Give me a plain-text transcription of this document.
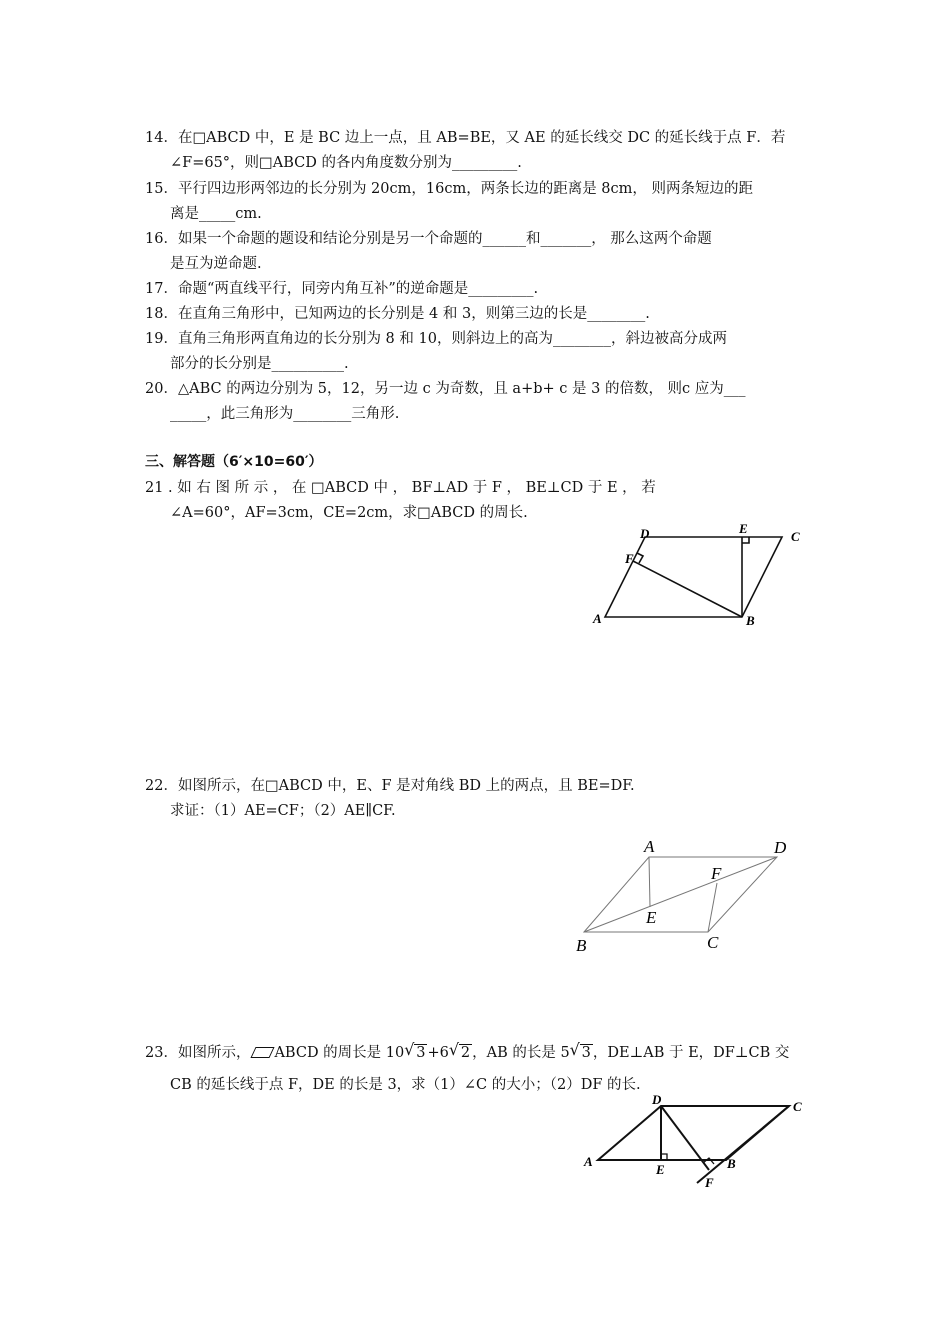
14．在□ABCD 中，E 是 BC 边上一点，且 AB=BE，又 AE 的延长线交 DC 的延长线于点 F．若
∠F=65°，则□ABCD 的各内角度数分别为_________.
15．平行四边形两邻边的长分别为 20cm，16cm，两条长边的距离是 8cm， 则两条短边的距
离是_____cm.
16．如果一个命题的题设和结论分别是另一个命题的______和_______， 那么这两个命题
是互为逆命题.
17．命题“两直线平行，同旁内角互补”的逆命题是_________.
18．在直角三角形中，已知两边的长分别是 4 和 3，则第三边的长是________.
19．直角三角形两直角边的长分别为 8 和 10，则斜边上的高为________，斜边被高分成两
部分的长分别是__________.
20．△ABC 的两边分别为 5，12，另一边 c 为奇数，且 a+b+ c 是 3 的倍数， 则c 应为___
_____，此三角形为________三角形.
三、解答题（6′×10=60′）
21 . 如 右 图 所 示 ， 在 □ABCD 中 ， BF⊥AD 于 F ， BE⊥CD 于 E ， 若
∠A=60°，AF=3cm，CE=2cm，求□ABCD 的周长.
D	E
C
F
A	B
22．如图所示，在□ABCD 中，E、F 是对角线 BD 上的两点，且 BE=DF.
求证：（1）AE=CF；（2）AE∥CF.
A	D
F
E
B	C
23．如图所示， ABCD 的周长是 10 √ 3 +6 √ 2 ，AB 的长是 5 √ 3 ，DE⊥AB 于 E，DF⊥CB 交
CB 的延长线于点 F，DE 的长是 3，求（1）∠C 的大小；（2）DF 的长.
D	C
A
E	B
F
